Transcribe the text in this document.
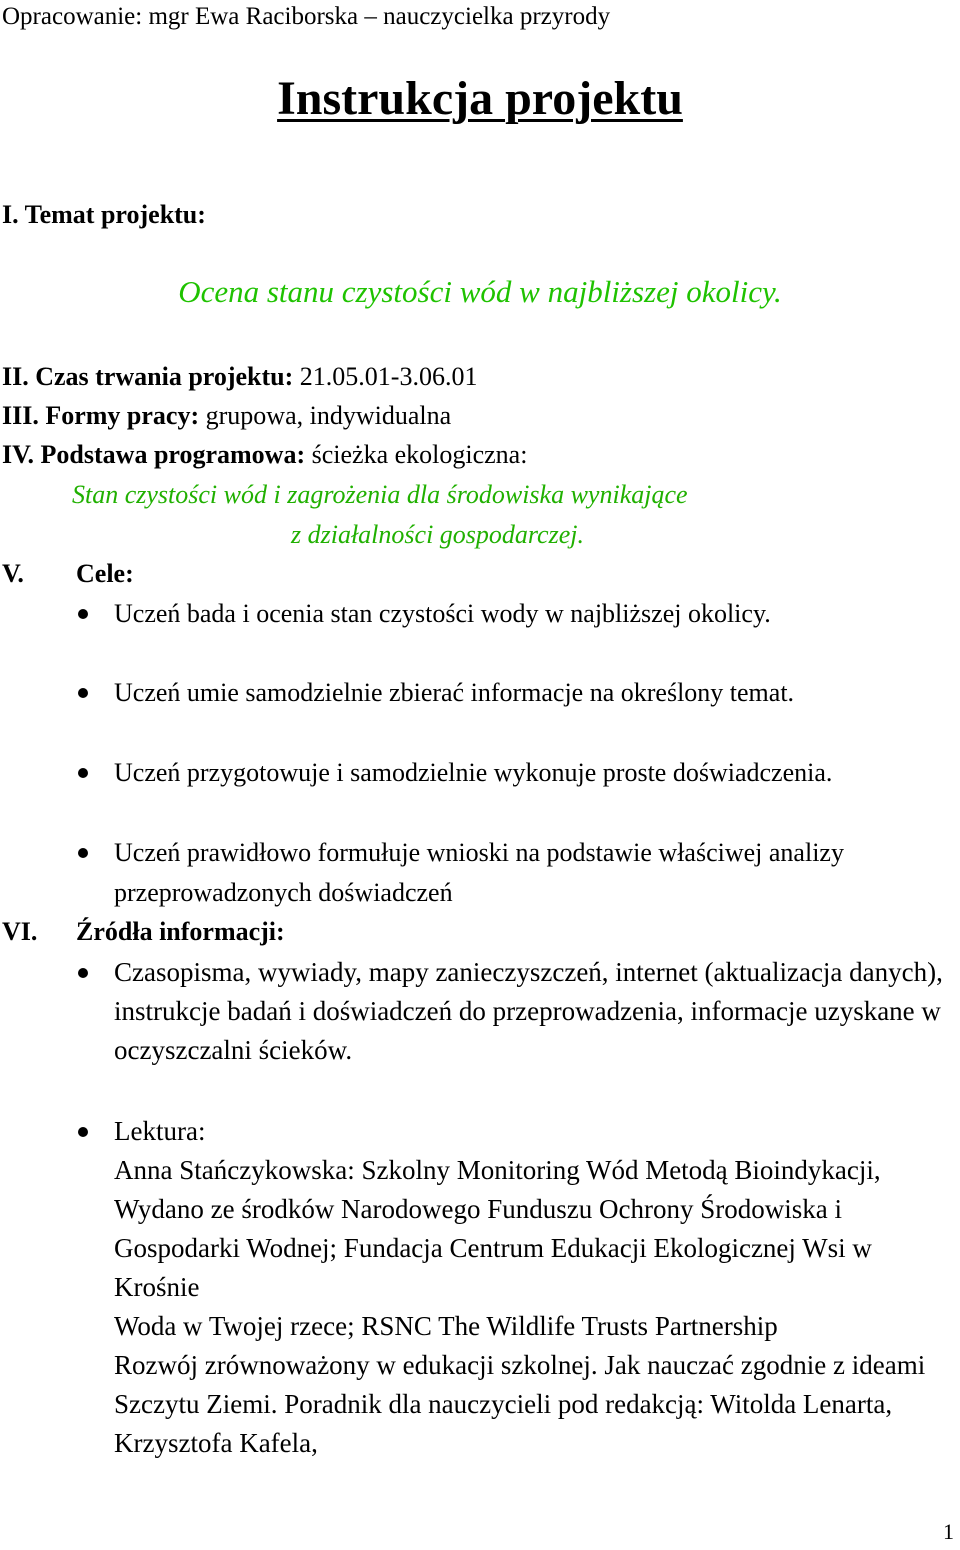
Opracowanie: mgr Ewa Raciborska – nauczycielka przyrody
Instrukcja projektu
I. Temat projektu:
Ocena stanu czystości wód w najbliższej okolicy.
II. Czas trwania projektu: 21.05.01-3.06.01
III. Formy pracy: grupowa, indywidualna
IV. Podstawa programowa: ścieżka ekologiczna:
Stan czystości wód i zagrożenia dla środowiska wynikające
z działalności gospodarczej.
V. Cele:
Uczeń bada i ocenia stan czystości wody w najbliższej okolicy.
Uczeń umie samodzielnie zbierać informacje na określony temat.
Uczeń przygotowuje i samodzielnie wykonuje proste doświadczenia.
Uczeń prawidłowo formułuje wnioski na podstawie właściwej analizy przeprowadzonych doświadczeń
VI. Źródła informacji:
Czasopisma, wywiady, mapy zanieczyszczeń, internet (aktualizacja danych), instrukcje badań i doświadczeń do przeprowadzenia, informacje uzyskane w oczyszczalni ścieków.
Lektura:
Anna Stańczykowska: Szkolny Monitoring Wód Metodą Bioindykacji, Wydano ze środków Narodowego Funduszu Ochrony Środowiska i Gospodarki Wodnej; Fundacja Centrum Edukacji Ekologicznej Wsi w Krośnie
Woda w Twojej rzece; RSNC The Wildlife Trusts Partnership
Rozwój zrównoważony w edukacji szkolnej. Jak nauczać zgodnie z ideami Szczytu Ziemi. Poradnik dla nauczycieli pod redakcją: Witolda Lenarta, Krzysztofa Kafela,
1
